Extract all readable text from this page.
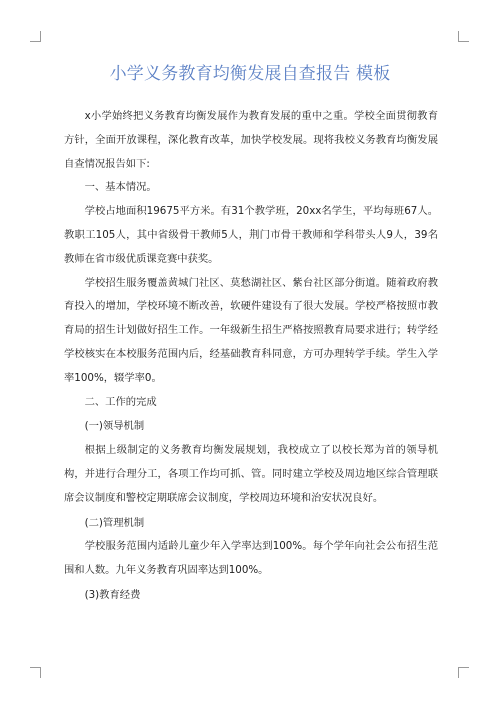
小学义务教育均衡发展自查报告 模板

x小学始终把义务教育均衡发展作为教育发展的重中之重。学校全面贯彻教育方针，全面开放课程，深化教育改革，加快学校发展。现将我校义务教育均衡发展自查情况报告如下:

一、基本情况。

学校占地面积19675平方米。有31个教学班，20xx名学生，平均每班67人。教职工105人，其中省级骨干教师5人，荆门市骨干教师和学科带头人9人，39名教师在省市级优质课竞赛中获奖。

学校招生服务覆盖黄城门社区、莫愁湖社区、紫台社区部分街道。随着政府教育投入的增加，学校环境不断改善，软硬件建设有了很大发展。学校严格按照市教育局的招生计划做好招生工作。一年级新生招生严格按照教育局要求进行；转学经学校核实在本校服务范围内后，经基础教育科同意，方可办理转学手续。学生入学率100%，辍学率0。

二、工作的完成

(一)领导机制

根据上级制定的义务教育均衡发展规划，我校成立了以校长郑为首的领导机构，并进行合理分工，各项工作均可抓、管。同时建立学校及周边地区综合管理联席会议制度和警校定期联席会议制度，学校周边环境和治安状况良好。

(二)管理机制

学校服务范围内适龄儿童少年入学率达到100%。每个学年向社会公布招生范围和人数。九年义务教育巩固率达到100%。

(3)教育经费
